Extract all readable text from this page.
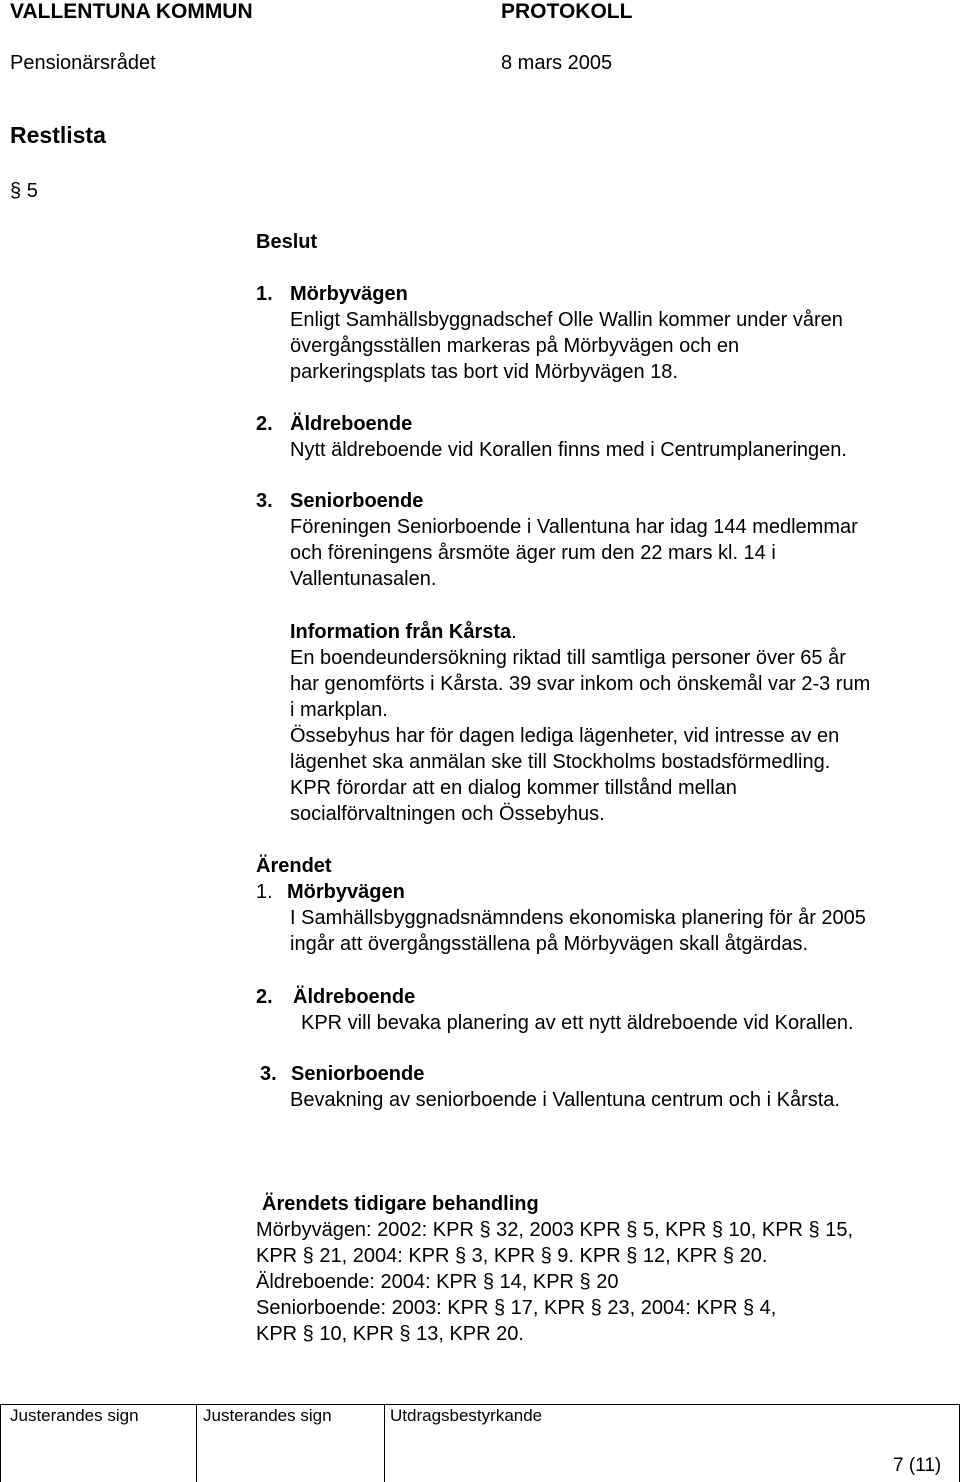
VALLENTUNA KOMMUN	PROTOKOLL
Pensionärsrådet	8 mars 2005
Restlista
§ 5
Beslut
1. Mörbyvägen
Enligt Samhällsbyggnadschef Olle Wallin kommer under våren
övergångsställen markeras på Mörbyvägen och en
parkeringsplats tas bort vid Mörbyvägen 18.
2. Äldreboende
Nytt äldreboende vid Korallen finns med i Centrumplaneringen.
3. Seniorboende
Föreningen Seniorboende i Vallentuna har idag 144 medlemmar
och föreningens årsmöte äger rum den 22 mars kl. 14 i
Vallentunasalen.
Information från Kårsta.
En boendeundersökning riktad till samtliga personer över 65 år
har genomförts i Kårsta. 39 svar inkom och önskemål var 2-3 rum
i markplan.
Össebyhus har för dagen lediga lägenheter, vid intresse av en
lägenhet ska anmälan ske till Stockholms bostadsförmedling.
KPR förordar att en dialog kommer tillstånd mellan
socialförvaltningen och Össebyhus.
Ärendet
1. Mörbyvägen
I Samhällsbyggnadsnämndens ekonomiska planering för år 2005
ingår att övergångsställena på Mörbyvägen skall åtgärdas.
2. Äldreboende
KPR vill bevaka planering av ett nytt äldreboende vid Korallen.
3. Seniorboende
Bevakning av seniorboende i Vallentuna centrum och i Kårsta.
Ärendets tidigare behandling
Mörbyvägen: 2002: KPR § 32, 2003 KPR § 5, KPR § 10, KPR § 15,
KPR § 21, 2004: KPR § 3, KPR § 9. KPR § 12, KPR § 20.
Äldreboende: 2004: KPR § 14, KPR § 20
Seniorboende: 2003: KPR § 17, KPR § 23, 2004: KPR § 4,
KPR § 10, KPR § 13, KPR 20.
Justerandes sign	Justerandes sign	Utdragsbestyrkande
7 (11)
